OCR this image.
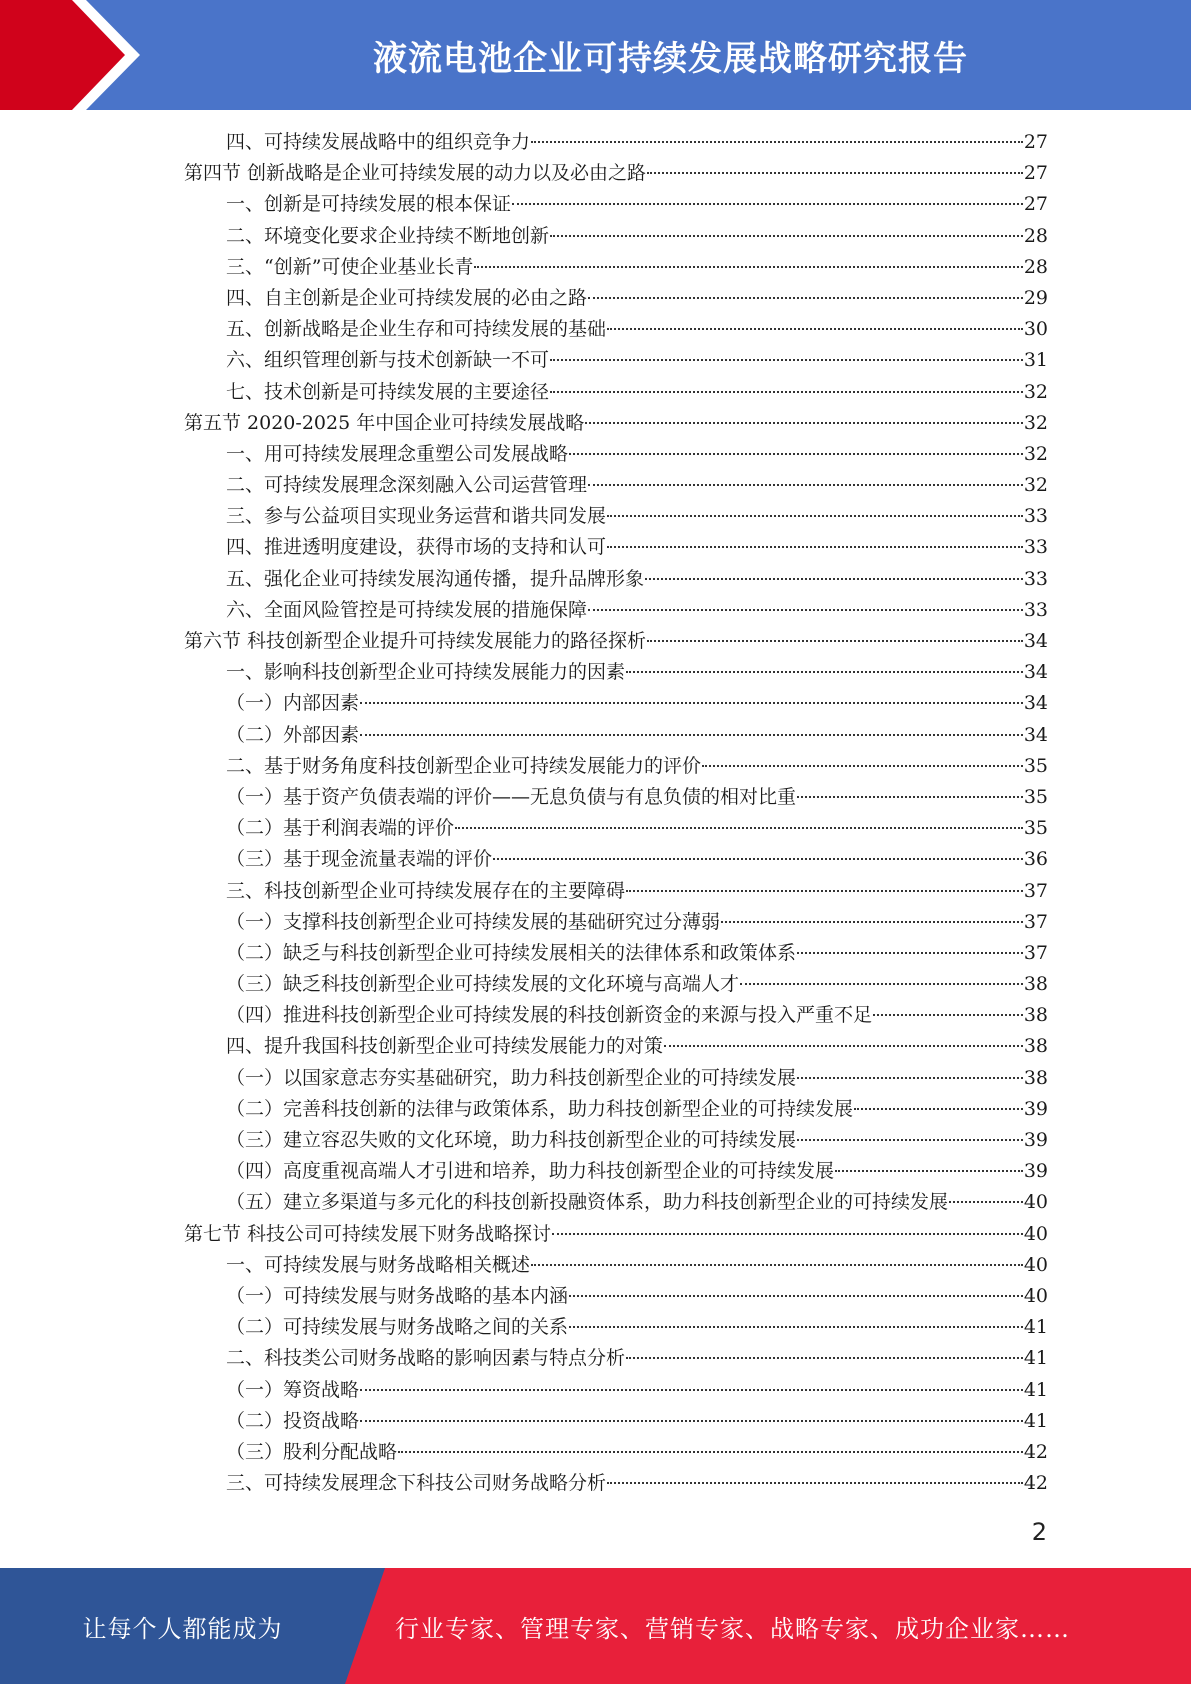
液流电池企业可持续发展战略研究报告
四、可持续发展战略中的组织竞争力	27
第四节 创新战略是企业可持续发展的动力以及必由之路	27
一、创新是可持续发展的根本保证	27
二、环境变化要求企业持续不断地创新	28
三、“创新”可使企业基业长青	28
四、自主创新是企业可持续发展的必由之路	29
五、创新战略是企业生存和可持续发展的基础	30
六、组织管理创新与技术创新缺一不可	31
七、技术创新是可持续发展的主要途径	32
第五节 2020-2025 年中国企业可持续发展战略	32
一、用可持续发展理念重塑公司发展战略	32
二、可持续发展理念深刻融入公司运营管理	32
三、参与公益项目实现业务运营和谐共同发展	33
四、推进透明度建设，获得市场的支持和认可	33
五、强化企业可持续发展沟通传播，提升品牌形象	33
六、全面风险管控是可持续发展的措施保障	33
第六节 科技创新型企业提升可持续发展能力的路径探析	34
一、影响科技创新型企业可持续发展能力的因素	34
（一）内部因素	34
（二）外部因素	34
二、基于财务角度科技创新型企业可持续发展能力的评价	35
（一）基于资产负债表端的评价——无息负债与有息负债的相对比重	35
（二）基于利润表端的评价	35
（三）基于现金流量表端的评价	36
三、科技创新型企业可持续发展存在的主要障碍	37
（一）支撑科技创新型企业可持续发展的基础研究过分薄弱	37
（二）缺乏与科技创新型企业可持续发展相关的法律体系和政策体系	37
（三）缺乏科技创新型企业可持续发展的文化环境与高端人才	38
（四）推进科技创新型企业可持续发展的科技创新资金的来源与投入严重不足	38
四、提升我国科技创新型企业可持续发展能力的对策	38
（一）以国家意志夯实基础研究，助力科技创新型企业的可持续发展	38
（二）完善科技创新的法律与政策体系，助力科技创新型企业的可持续发展	39
（三）建立容忍失败的文化环境，助力科技创新型企业的可持续发展	39
（四）高度重视高端人才引进和培养，助力科技创新型企业的可持续发展	39
（五）建立多渠道与多元化的科技创新投融资体系，助力科技创新型企业的可持续发展	40
第七节 科技公司可持续发展下财务战略探讨	40
一、可持续发展与财务战略相关概述	40
（一）可持续发展与财务战略的基本内涵	40
（二）可持续发展与财务战略之间的关系	41
二、科技类公司财务战略的影响因素与特点分析	41
（一）筹资战略	41
（二）投资战略	41
（三）股利分配战略	42
三、可持续发展理念下科技公司财务战略分析	42
2
让每个人都能成为	行业专家、管理专家、营销专家、战略专家、成功企业家……
